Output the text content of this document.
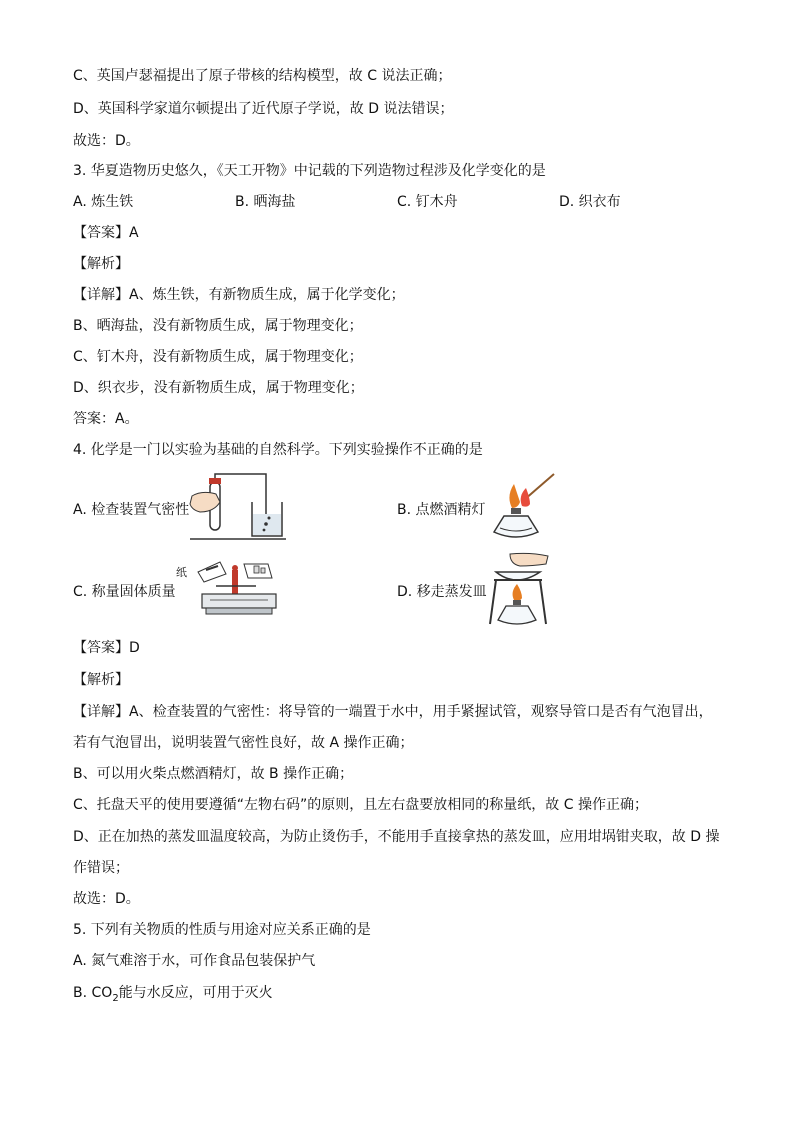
C、英国卢瑟福提出了原子带核的结构模型，故 C 说法正确；
D、英国科学家道尔顿提出了近代原子学说，故 D 说法错误；
故选：D。
3. 华夏造物历史悠久，《天工开物》中记载的下列造物过程涉及化学变化的是
A. 炼生铁	B. 晒海盐	C. 钉木舟	D. 织衣布
【答案】A
【解析】
【详解】A、炼生铁，有新物质生成，属于化学变化；
B、晒海盐，没有新物质生成，属于物理变化；
C、钉木舟，没有新物质生成，属于物理变化；
D、织衣步，没有新物质生成，属于物理变化；
答案：A。
4. 化学是一门以实验为基础的自然科学。下列实验操作不正确的是
A. 检查装置气密性	B. 点燃酒精灯
C. 称量固体质量
纸
D. 移走蒸发皿
【答案】D
【解析】
【详解】A、检查装置的气密性：将导管的一端置于水中，用手紧握试管，观察导管口是否有气泡冒出，
若有气泡冒出，说明装置气密性良好，故 A 操作正确；
B、可以用火柴点燃酒精灯，故 B 操作正确；
C、托盘天平的使用要遵循“左物右码”的原则，且左右盘要放相同的称量纸，故 C 操作正确；
D、正在加热的蒸发皿温度较高，为防止烫伤手，不能用手直接拿热的蒸发皿，应用坩埚钳夹取，故 D 操
作错误；
故选：D。
5. 下列有关物质的性质与用途对应关系正确的是
A. 氮气难溶于水，可作食品包装保护气
B. $CO_2$能与水反应，可用于灭火
